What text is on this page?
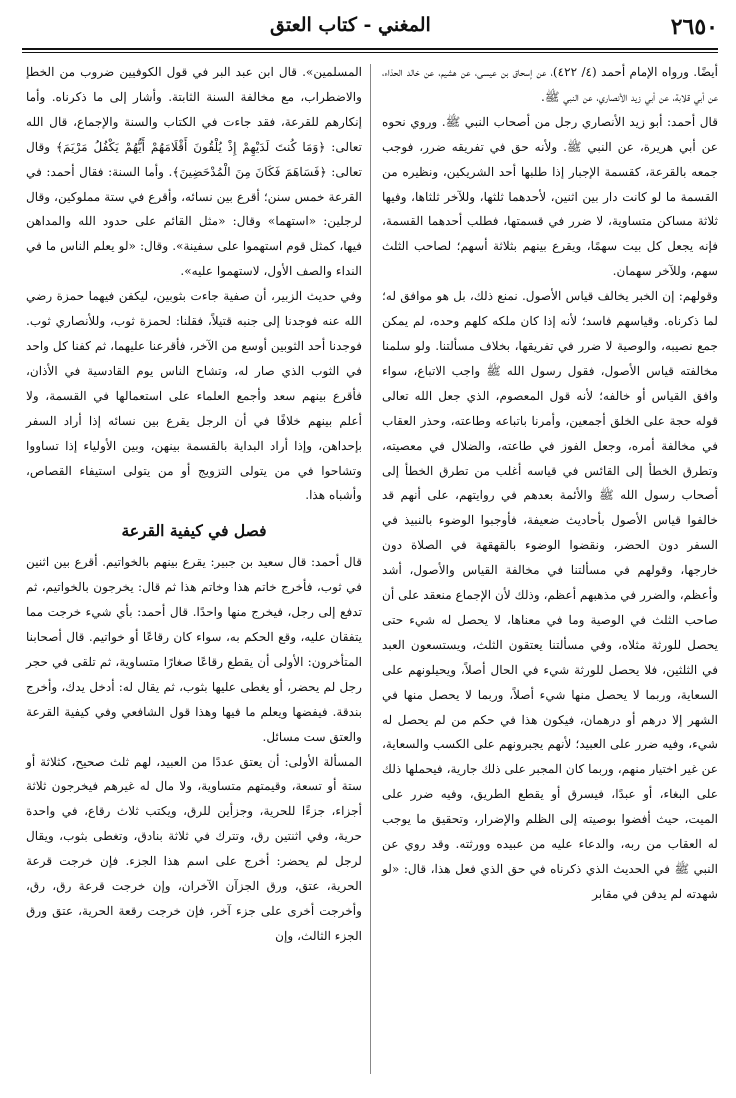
٢٦٥٠
المغني - كتاب العتق

أيضًا. ورواه الإمام أحمد (٤/ ٤٢٢)، عن إسحاق بن عيسى، عن هشيم، عن خالد الحذاء، عن أبي قلابة، عن أبي زيد الأنصاري، عن النبي ﷺ.

قال أحمد: أبو زيد الأنصاري رجل من أصحاب النبي ﷺ. وروي نحوه عن أبي هريرة، عن النبي ﷺ. ولأنه حق في تفريقه ضرر، فوجب جمعه بالقرعة، كقسمة الإجبار إذا طلبها أحد الشريكين، ونظيره من القسمة ما لو كانت دار بين اثنين، لأحدهما ثلثها، وللآخر ثلثاها، وفيها ثلاثة مساكن متساوية، لا ضرر في قسمتها، فطلب أحدهما القسمة، فإنه يجعل كل بيت سهمًا، ويقرع بينهم بثلاثة أسهم؛ لصاحب الثلث سهم، وللآخر سهمان.

وقولهم: إن الخبر يخالف قياس الأصول. نمنع ذلك، بل هو موافق له؛ لما ذكرناه. وقياسهم فاسد؛ لأنه إذا كان ملكه كلهم وحده، لم يمكن جمع نصيبه، والوصية لا ضرر في تفريقها، بخلاف مسألتنا. ولو سلمنا مخالفته قياس الأصول، فقول رسول الله ﷺ واجب الاتباع، سواء وافق القياس أو خالفه؛ لأنه قول المعصوم، الذي جعل الله تعالى قوله حجة على الخلق أجمعين، وأمرنا باتباعه وطاعته، وحذر العقاب في مخالفة أمره، وجعل الفوز في طاعته، والضلال في معصيته، وتطرق الخطأ إلى القائس في قياسه أغلب من تطرق الخطأ إلى أصحاب رسول الله ﷺ والأئمة بعدهم في روايتهم، على أنهم قد خالفوا قياس الأصول بأحاديث ضعيفة، فأوجبوا الوضوء بالنبيذ في السفر دون الحضر، ونقضوا الوضوء بالقهقهة في الصلاة دون خارجها، وقولهم في مسألتنا في مخالفة القياس والأصول، أشد وأعظم، والضرر في مذهبهم أعظم، وذلك لأن الإجماع منعقد على أن صاحب الثلث في الوصية وما في معناها، لا يحصل له شيء حتى يحصل للورثة مثلاه، وفي مسألتنا يعتقون الثلث، ويستسعون العبد في الثلثين، فلا يحصل للورثة شيء في الحال أصلاً، ويحيلونهم على السعاية، وربما لا يحصل منها شيء أصلاً، وربما لا يحصل منها في الشهر إلا درهم أو درهمان، فيكون هذا في حكم من لم يحصل له شيء، وفيه ضرر على العبيد؛ لأنهم يجبرونهم على الكسب والسعاية، عن غير اختيار منهم، وربما كان المجبر على ذلك جارية، فيحملها ذلك على البغاء، أو عبدًا، فيسرق أو يقطع الطريق، وفيه ضرر على الميت، حيث أفضوا بوصيته إلى الظلم والإضرار، وتحقيق ما يوجب له العقاب من ربه، والدعاء عليه من عبيده وورثته. وقد روي عن النبي ﷺ في الحديث الذي ذكرناه في حق الذي فعل هذا، قال: «لو شهدته لم يدفن في مقابر

المسلمين». قال ابن عبد البر في قول الكوفيين ضروب من الخطإ والاضطراب، مع مخالفة السنة الثابتة. وأشار إلى ما ذكرناه. وأما إنكارهم للقرعة، فقد جاءت في الكتاب والسنة والإجماع، قال الله تعالى: ﴿وَمَا كُنتَ لَدَيْهِمْ إِذْ يُلْقُونَ أَقْلَامَهُمْ أَيُّهُمْ يَكْفُلُ مَرْيَمَ﴾ وقال تعالى: ﴿فَسَاهَمَ فَكَانَ مِنَ الْمُدْحَضِينَ﴾. وأما السنة: فقال أحمد: في القرعة خمس سنن؛ أقرع بين نسائه، وأقرع في ستة مملوكين، وقال لرجلين: «استهما» وقال: «مثل القائم على حدود الله والمداهن فيها، كمثل قوم استهموا على سفينة». وقال: «لو يعلم الناس ما في النداء والصف الأول، لاستهموا عليه».

وفي حديث الزبير، أن صفية جاءت بثوبين، ليكفن فيهما حمزة رضي الله عنه فوجدنا إلى جنبه قتيلاً، فقلنا: لحمزة ثوب، وللأنصاري ثوب. فوجدنا أحد الثوبين أوسع من الآخر، فأقرعنا عليهما، ثم كفنا كل واحد في الثوب الذي صار له، وتشاح الناس يوم القادسية في الأذان، فأقرع بينهم سعد وأجمع العلماء على استعمالها في القسمة، ولا أعلم بينهم خلافًا في أن الرجل يقرع بين نسائه إذا أراد السفر بإحداهن، وإذا أراد البداية بالقسمة بينهن، وبين الأولياء إذا تساووا وتشاحوا في من يتولى التزويج أو من يتولى استيفاء القصاص، وأشباه هذا.

فصل في كيفية القرعة

قال أحمد: قال سعيد بن جبير: يقرع بينهم بالخواتيم. أقرع بين اثنين في ثوب، فأخرج خاتم هذا وخاتم هذا ثم قال: يخرجون بالخواتيم، ثم تدفع إلى رجل، فيخرج منها واحدًا. قال أحمد: بأي شيء خرجت مما يتفقان عليه، وقع الحكم به، سواء كان رقاعًا أو خواتيم. قال أصحابنا المتأخرون: الأولى أن يقطع رقاعًا صغارًا متساوية، ثم تلقى في حجر رجل لم يحضر، أو يغطى عليها بثوب، ثم يقال له: أدخل يدك، وأخرج بندقة. فيفضها ويعلم ما فيها وهذا قول الشافعي وفي كيفية القرعة والعتق ست مسائل.

المسألة الأولى: أن يعتق عددًا من العبيد، لهم ثلث صحيح، كثلاثة أو ستة أو تسعة، وقيمتهم متساوية، ولا مال له غيرهم فيخرجون ثلاثة أجزاء، جزءًا للحرية، وجزأين للرق، ويكتب ثلاث رقاع، في واحدة حرية، وفي اثنتين رق، وتترك في ثلاثة بنادق، وتغطى بثوب، ويقال لرجل لم يحضر: أخرج على اسم هذا الجزء. فإن خرجت قرعة الحرية، عتق، ورق الجزآن الآخران، وإن خرجت قرعة رق، رق، وأخرجت أخرى على جزء آخر، فإن خرجت رقعة الحرية، عتق ورق الجزء الثالث، وإن
